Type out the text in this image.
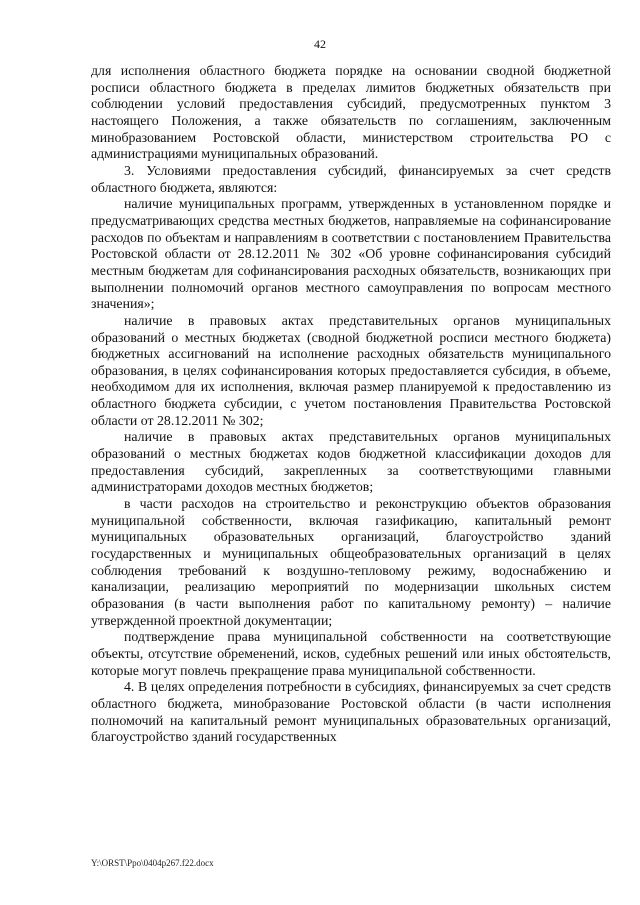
42

для исполнения областного бюджета порядке на основании сводной бюджетной росписи областного бюджета в пределах лимитов бюджетных обязательств при соблюдении условий предоставления субсидий, предусмотренных пунктом 3 настоящего Положения, а также обязательств по соглашениям, заключенным минобразованием Ростовской области, министерством строительства РО с администрациями муниципальных образований.

3. Условиями предоставления субсидий, финансируемых за счет средств областного бюджета, являются:

наличие муниципальных программ, утвержденных в установленном порядке и предусматривающих средства местных бюджетов, направляемые на софинансирование расходов по объектам и направлениям в соответствии с постановлением Правительства Ростовской области от 28.12.2011 № 302 «Об уровне софинансирования субсидий местным бюджетам для софинансирования расходных обязательств, возникающих при выполнении полномочий органов местного самоуправления по вопросам местного значения»;

наличие в правовых актах представительных органов муниципальных образований о местных бюджетах (сводной бюджетной росписи местного бюджета) бюджетных ассигнований на исполнение расходных обязательств муниципального образования, в целях софинансирования которых предоставляется субсидия, в объеме, необходимом для их исполнения, включая размер планируемой к предоставлению из областного бюджета субсидии, с учетом постановления Правительства Ростовской области от 28.12.2011 № 302;

наличие в правовых актах представительных органов муниципальных образований о местных бюджетах кодов бюджетной классификации доходов для предоставления субсидий, закрепленных за соответствующими главными администраторами доходов местных бюджетов;

в части расходов на строительство и реконструкцию объектов образования муниципальной собственности, включая газификацию, капитальный ремонт муниципальных образовательных организаций, благоустройство зданий государственных и муниципальных общеобразовательных организаций в целях соблюдения требований к воздушно-тепловому режиму, водоснабжению и канализации, реализацию мероприятий по модернизации школьных систем образования (в части выполнения работ по капитальному ремонту) – наличие утвержденной проектной документации;

подтверждение права муниципальной собственности на соответствующие объекты, отсутствие обременений, исков, судебных решений или иных обстоятельств, которые могут повлечь прекращение права муниципальной собственности.

4. В целях определения потребности в субсидиях, финансируемых за счет средств областного бюджета, минобразование Ростовской области (в части исполнения полномочий на капитальный ремонт муниципальных образовательных организаций, благоустройство зданий государственных

Y:\ORST\Ppo\0404p267.f22.docx
